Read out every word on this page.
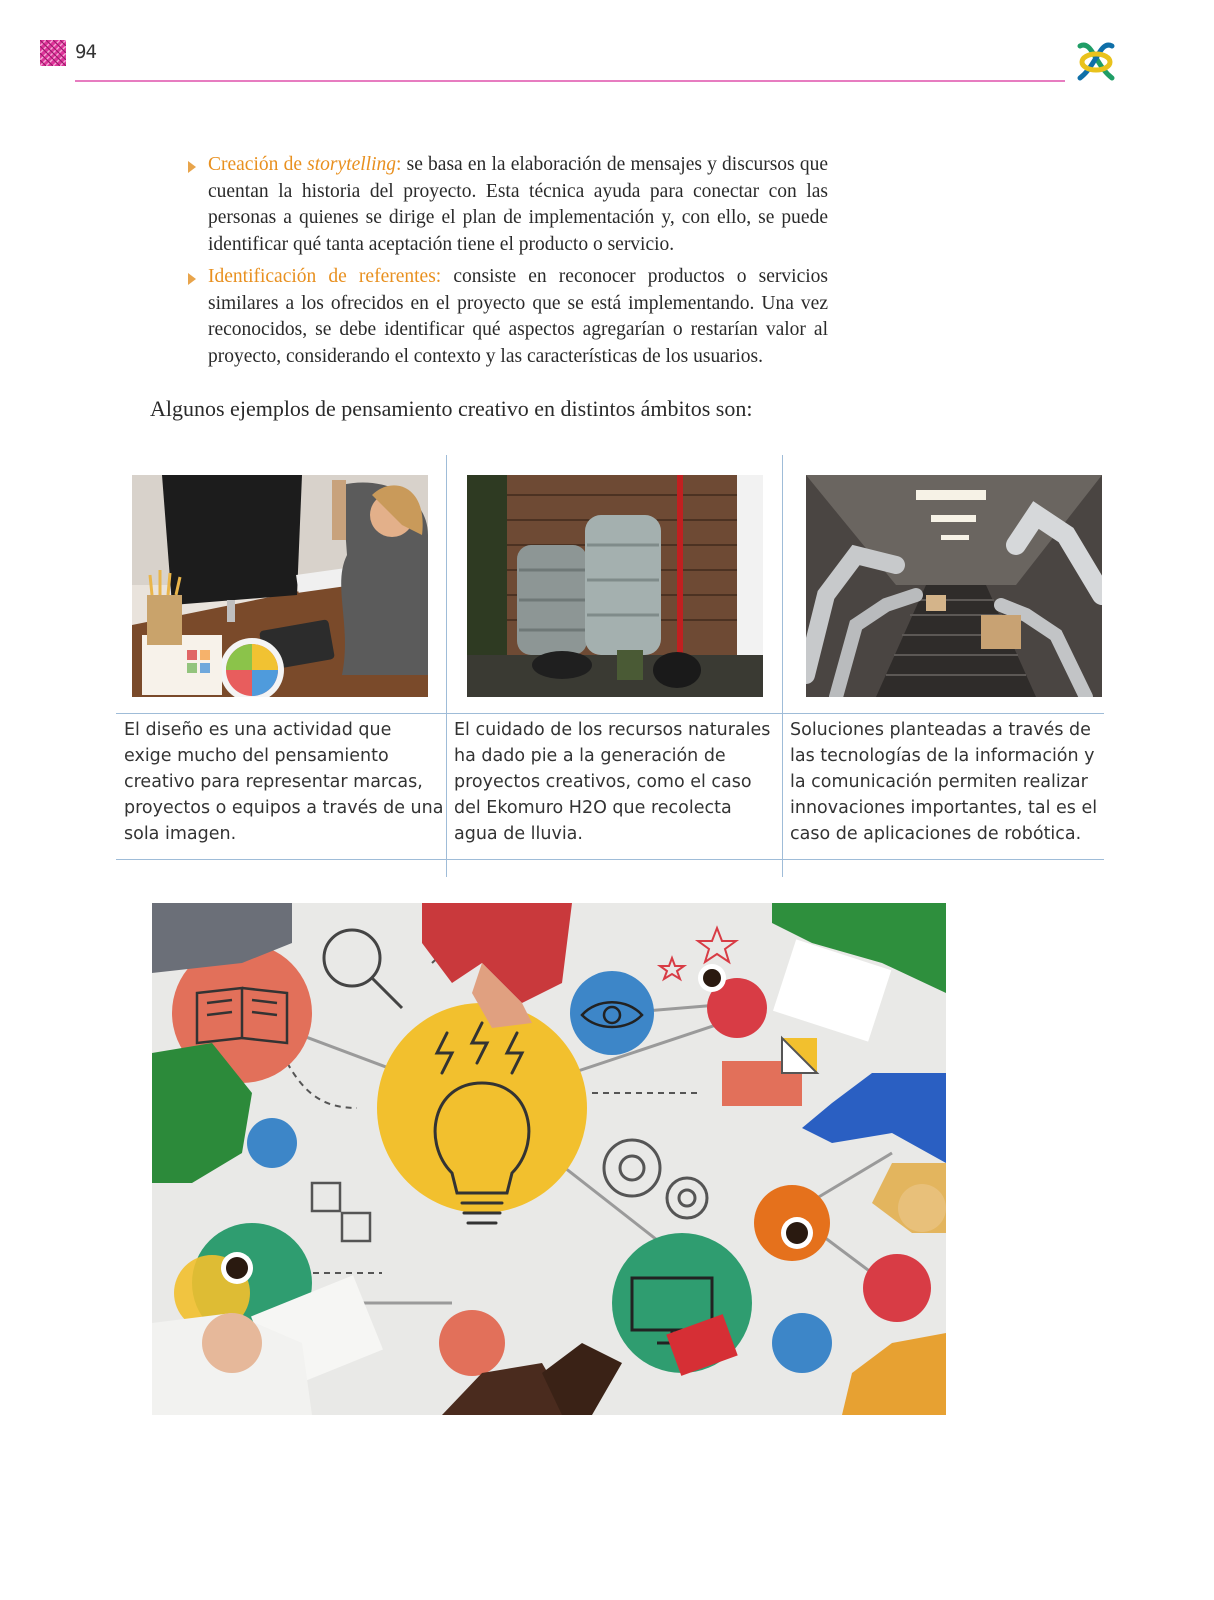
94

Creación de storytelling: se basa en la elaboración de mensajes y discursos que cuentan la historia del proyecto. Esta técnica ayuda para conectar con las personas a quienes se dirige el plan de implementación y, con ello, se puede identificar qué tanta aceptación tiene el producto o servicio.

Identificación de referentes: consiste en reconocer productos o servicios similares a los ofrecidos en el proyecto que se está implementando. Una vez reconocidos, se debe identificar qué aspectos agregarían o restarían valor al proyecto, considerando el contexto y las características de los usuarios.

Algunos ejemplos de pensamiento creativo en distintos ámbitos son:

El diseño es una actividad que exige mucho del pensamiento creativo para representar marcas, proyectos o equipos a través de una sola imagen.

El cuidado de los recursos naturales ha dado pie a la generación de proyectos creativos, como el caso del Ekomuro H2O que recolecta agua de lluvia.

Soluciones planteadas a través de las tecnologías de la información y la comunicación permiten realizar innovaciones importantes, tal es el caso de aplicaciones de robótica.
